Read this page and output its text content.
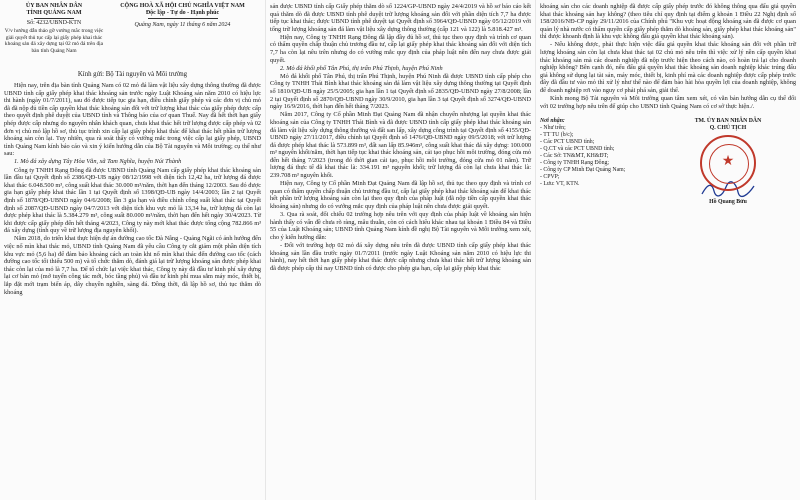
ỦY BAN NHÂN DÂN
TỈNH QUẢNG NAM
Số: 4232/UBND-KTN
V/v hướng dẫn thảo gỡ vướng mắc trong việc giải quyết thủ tục cấp lại giấy phép khai thác khoáng sản đá xây dựng tại 02 mỏ đá trên địa bàn tỉnh Quảng Nam
CỘNG HOÀ XÃ HỘI CHỦ NGHĨA VIỆT NAM
Độc lập - Tự do - Hạnh phúc
Quảng Nam, ngày 11 tháng 6 năm 2024
Kính gửi: Bộ Tài nguyên và Môi trường

Hiện nay, trên địa bàn tỉnh Quảng Nam có 02 mỏ đá làm vật liệu xây dựng thông thường đã được UBND tỉnh cấp giấy phép khai thác khoáng sản trước ngày Luật Khoáng sản năm 2010 có hiệu lực thi hành (ngày 01/7/2011), sau đó được tiếp tục gia hạn, điều chỉnh giấy phép và các đơn vị chủ mỏ đã đã nộp đủ tiền cấp quyền khai thác khoáng sản đối với trữ lượng khai thác của giấy phép được cấp theo quyết định phê duyệt của UBND tỉnh và Thông báo của cơ quan Thuế. Nay đã hết thời hạn giấy phép được cấp nhưng do nguyên nhân khách quan, chưa khai thác hết trữ lượng được cấp phép và 02 đơn vị chủ mỏ lập hồ sơ, thủ tục trình xin cấp lại giấy phép khai thác để khai thác hết phần trữ lượng khoáng sản còn lại. Tuy nhiên, qua rà soát thấy có vướng mắc trong việc cấp lại giấy phép, UBND tỉnh Quảng Nam kính báo cáo và xin ý kiến hướng dẫn của Bộ Tài nguyên và Môi trường; cụ thể như sau:

1. Mỏ đá xây dựng Tây Hòa Văn, xã Tam Nghĩa, huyện Núi Thành

Công ty TNHH Rạng Đông đã được UBND tỉnh Quảng Nam cấp giấy phép khai thác khoáng sản lần đầu tại Quyết định số 2386/QĐ-UB ngày 08/12/1998 với diện tích 12,42 ha, trữ lượng đá được khai thác 6.048.500 m³, công suất khai thác 30.000 m³/năm, thời hạn đến tháng 12/2003. Sau đó được gia hạn giấy phép khai thác lần 1 tại Quyết định số 1398/QĐ-UB ngày 14/4/2003; lần 2 tại Quyết định số 1878/QĐ-UBND ngày 04/6/2008; lần 3 gia hạn và điều chỉnh công suất khai thác tại Quyết định số 2087/QĐ-UBND ngày 04/7/2013 với diện tích khu vực mỏ là 13,34 ha, trữ lượng đá còn lại được phép khai thác là 5.384.279 m³, công suất 80.000 m³/năm, thời hạn đến hết ngày 30/4/2023. Từ khi được cấp giấy phép đến hết tháng 4/2023, Công ty này mới khai thác được tổng cộng 782.866 m³ đá xây dựng (tính quy về trữ lượng địa nguyên khối).

Năm 2018, do triển khai thực hiện dự án đường cao tốc Đà Nẵng - Quảng Ngãi có ảnh hưởng đến việc nổ mìn khai thác mỏ, UBND tỉnh Quảng Nam đã yêu cầu Công ty cắt giảm một phần diện tích khu vực mỏ (5,6 ha) để đảm bảo khoảng cách an toàn khi nổ mìn khai thác đến đường cao tốc (cách đường cao tốc tối thiểu 500 m) và tổ chức thăm dò, đánh giá lại trữ lượng khoáng sản được phép khai thác còn lại của mỏ là 7,7 ha. Để tổ chức lại việc khai thác, Công ty này đã đầu tư kinh phí xây dựng lại cơ bản mỏ (mở tuyến công tác mới, bóc tầng phủ) và đầu tư kinh phí mua sắm máy móc, thiết bị, lắp đặt mới trạm biến áp, dây chuyền nghiền, sàng đá. Đồng thời, đã lập hồ sơ, thủ tục thăm dò khoáng

sản được UBND tỉnh cấp Giấy phép thăm dò số 1224/GP-UBND ngày 24/4/2019 và hồ sơ báo cáo kết quả thăm dò đã được UBND tỉnh phê duyệt trữ lượng khoáng sản đối với phần diện tích 7,7 ha được tiếp tục khai thác; được UBND tỉnh phê duyệt tại Quyết định số 3964/QĐ-UBND ngày 05/12/2019 với tổng trữ lượng khoáng sản đá làm vật liệu xây dựng thông thường (cấp 121 và 122) là 5.818.427 m³.

Hiện nay, Công ty TNHH Rạng Đông đã lập đầy đủ hồ sơ, thủ tục theo quy định và trình cơ quan có thẩm quyền chấp thuận chủ trương đầu tư, cấp lại giấy phép khai thác khoáng sản đối với diện tích 7,7 ha còn lại nêu trên nhưng do có vướng mắc quy định của pháp luật nên đến nay chưa được giải quyết.

2. Mỏ đá khối phố Tân Phú, thị trấn Phú Thịnh, huyện Phú Ninh

Mỏ đá khối phố Tân Phú, thị trấn Phú Thịnh, huyện Phú Ninh đã được UBND tỉnh cấp phép cho Công ty TNHH Thái Bình khai thác khoáng sản đá làm vật liệu xây dựng thông thường tại Quyết định số 1810/QĐ-UB ngày 25/5/2005; gia hạn lần 1 tại Quyết định số 2835/QĐ-UBND ngày 27/8/2008; lần 2 tại Quyết định số 2870/QĐ-UBND ngày 30/9/2010, gia hạn lần 3 tại Quyết định số 3274/QĐ-UBND ngày 16/9/2016, thời hạn đến hết tháng 7/2023.

Năm 2017, Công ty Cổ phần Minh Đạt Quảng Nam đã nhận chuyển nhượng lại quyền khai thác khoáng sản của Công ty TNHH Thái Bình và đã được UBND tỉnh cấp giấy phép khai thác khoáng sản đá làm vật liệu xây dựng thông thường và đất san lấp, xây dựng công trình tại Quyết định số 4155/QĐ-UBND ngày 27/11/2017, điều chỉnh tại Quyết định số 1476/QĐ-UBND ngày 09/5/2018; với trữ lượng đá được phép khai thác là 573.899 m³, đất san lấp 85.946m³, công suất khai thác đá xây dựng: 100.000 m³ nguyên khối/năm, thời hạn tiếp tục khai thác khoáng sản, cải tạo phục hồi môi trường, đóng cửa mỏ đến hết tháng 7/2023 (trong đó thời gian cải tạo, phục hồi môi trường, đóng cửa mỏ 01 năm). Trữ lượng đá thực tế đã khai thác là: 334.191 m³ nguyên khối; trữ lượng đá còn lại chưa khai thác là: 239.708 m³ nguyên khối.

Hiện nay, Công ty Cổ phần Minh Đạt Quảng Nam đã lập hồ sơ, thủ tục theo quy định và trình cơ quan có thẩm quyền chấp thuận chủ trương đầu tư, cấp lại giấy phép khai thác khoáng sản để khai thác hết phần trữ lượng khoáng sản còn lại theo quy định của pháp luật (đã nộp tiền cấp quyền khai thác khoáng sản) nhưng do có vướng mắc quy định của pháp luật nên chưa được giải quyết.

3. Qua rà soát, đối chiếu 02 trường hợp nêu trên với quy định của pháp luật về khoáng sản hiện hành thấy có vấn đề chưa rõ ràng, mâu thuẫn, còn có cách hiểu khác nhau tại khoản 1 Điều 84 và Điều 55 của Luật Khoáng sản; UBND tỉnh Quảng Nam kính đề nghị Bộ Tài nguyên và Môi trường xem xét, cho ý kiến hướng dẫn:

- Đối với trường hợp 02 mỏ đá xây dựng nêu trên đã được UBND tỉnh cấp giấy phép khai thác khoáng sản lần đầu trước ngày 01/7/2011 (trước ngày Luật Khoáng sản năm 2010 có hiệu lực thi hành), nay hết thời hạn giấy phép khai thác được cấp nhưng chưa khai thác hết trữ lượng khoáng sản đã được phép cấp thì nay UBND tỉnh có được cho phép gia hạn, cấp lại giấy phép khai thác

khoáng sản cho các doanh nghiệp đã được cấp giấy phép trước đó không thông qua đấu giá quyền khai thác khoáng sản hay không? (theo tiêu chí quy định tại điểm g khoản 1 Điều 22 Nghị định số 158/2016/NĐ-CP ngày 29/11/2016 của Chính phủ "Khu vực hoạt động khoáng sản đã được cơ quan quản lý nhà nước có thẩm quyền cấp giấy phép thăm dò khoáng sản, giấy phép khai thác khoáng sản" thì được khoanh định là khu vực không đấu giá quyền khai thác khoáng sản).

- Nếu không được, phải thực hiện việc đấu giá quyền khai thác khoáng sản đối với phần trữ lượng khoáng sản còn lại chưa khai thác tại 02 chủ mỏ nêu trên thì việc xử lý nền cấp quyền khai thác khoáng sản mà các doanh nghiệp đã nộp trước hiện theo cách nào, có hoàn trả lại cho doanh nghiệp không? Bên cạnh đó, nếu đấu giá quyền khai thác khoáng sản doanh nghiệp khác trúng đấu giá không sử dụng lại tài sản, máy móc, thiết bị, kinh phí mà các doanh nghiệp được cấp phép trước đây đã đầu tư vào mỏ thì xử lý như thế nào để đảm bảo hài hòa quyền lợi của doanh nghiệp, không để doanh nghiệp rơi vào nguy cơ phải phá sản, giải thể.

Kính mong Bộ Tài nguyên và Môi trường quan tâm xem xét, có văn bản hướng dẫn cụ thể đối với 02 trường hợp nêu trên để giúp cho UBND tỉnh Quảng Nam có cơ sở thực hiện./.

Nơi nhận:
- Như trên;
- TT TU (b/c);
- Các PCT UBND tỉnh;
- Q.CT và các PCT UBND tỉnh;
- Các Sở: TN&MT, KH&ĐT;
- Công ty TNHH Rạng Đông;
- Công ty CP Minh Đạt Quảng Nam;
- CPVP;
- Lưu: VT, KTN.
TM. ỦY BAN NHÂN DÂN
Q. CHỦ TỊCH
★
Hồ Quang Bửu
